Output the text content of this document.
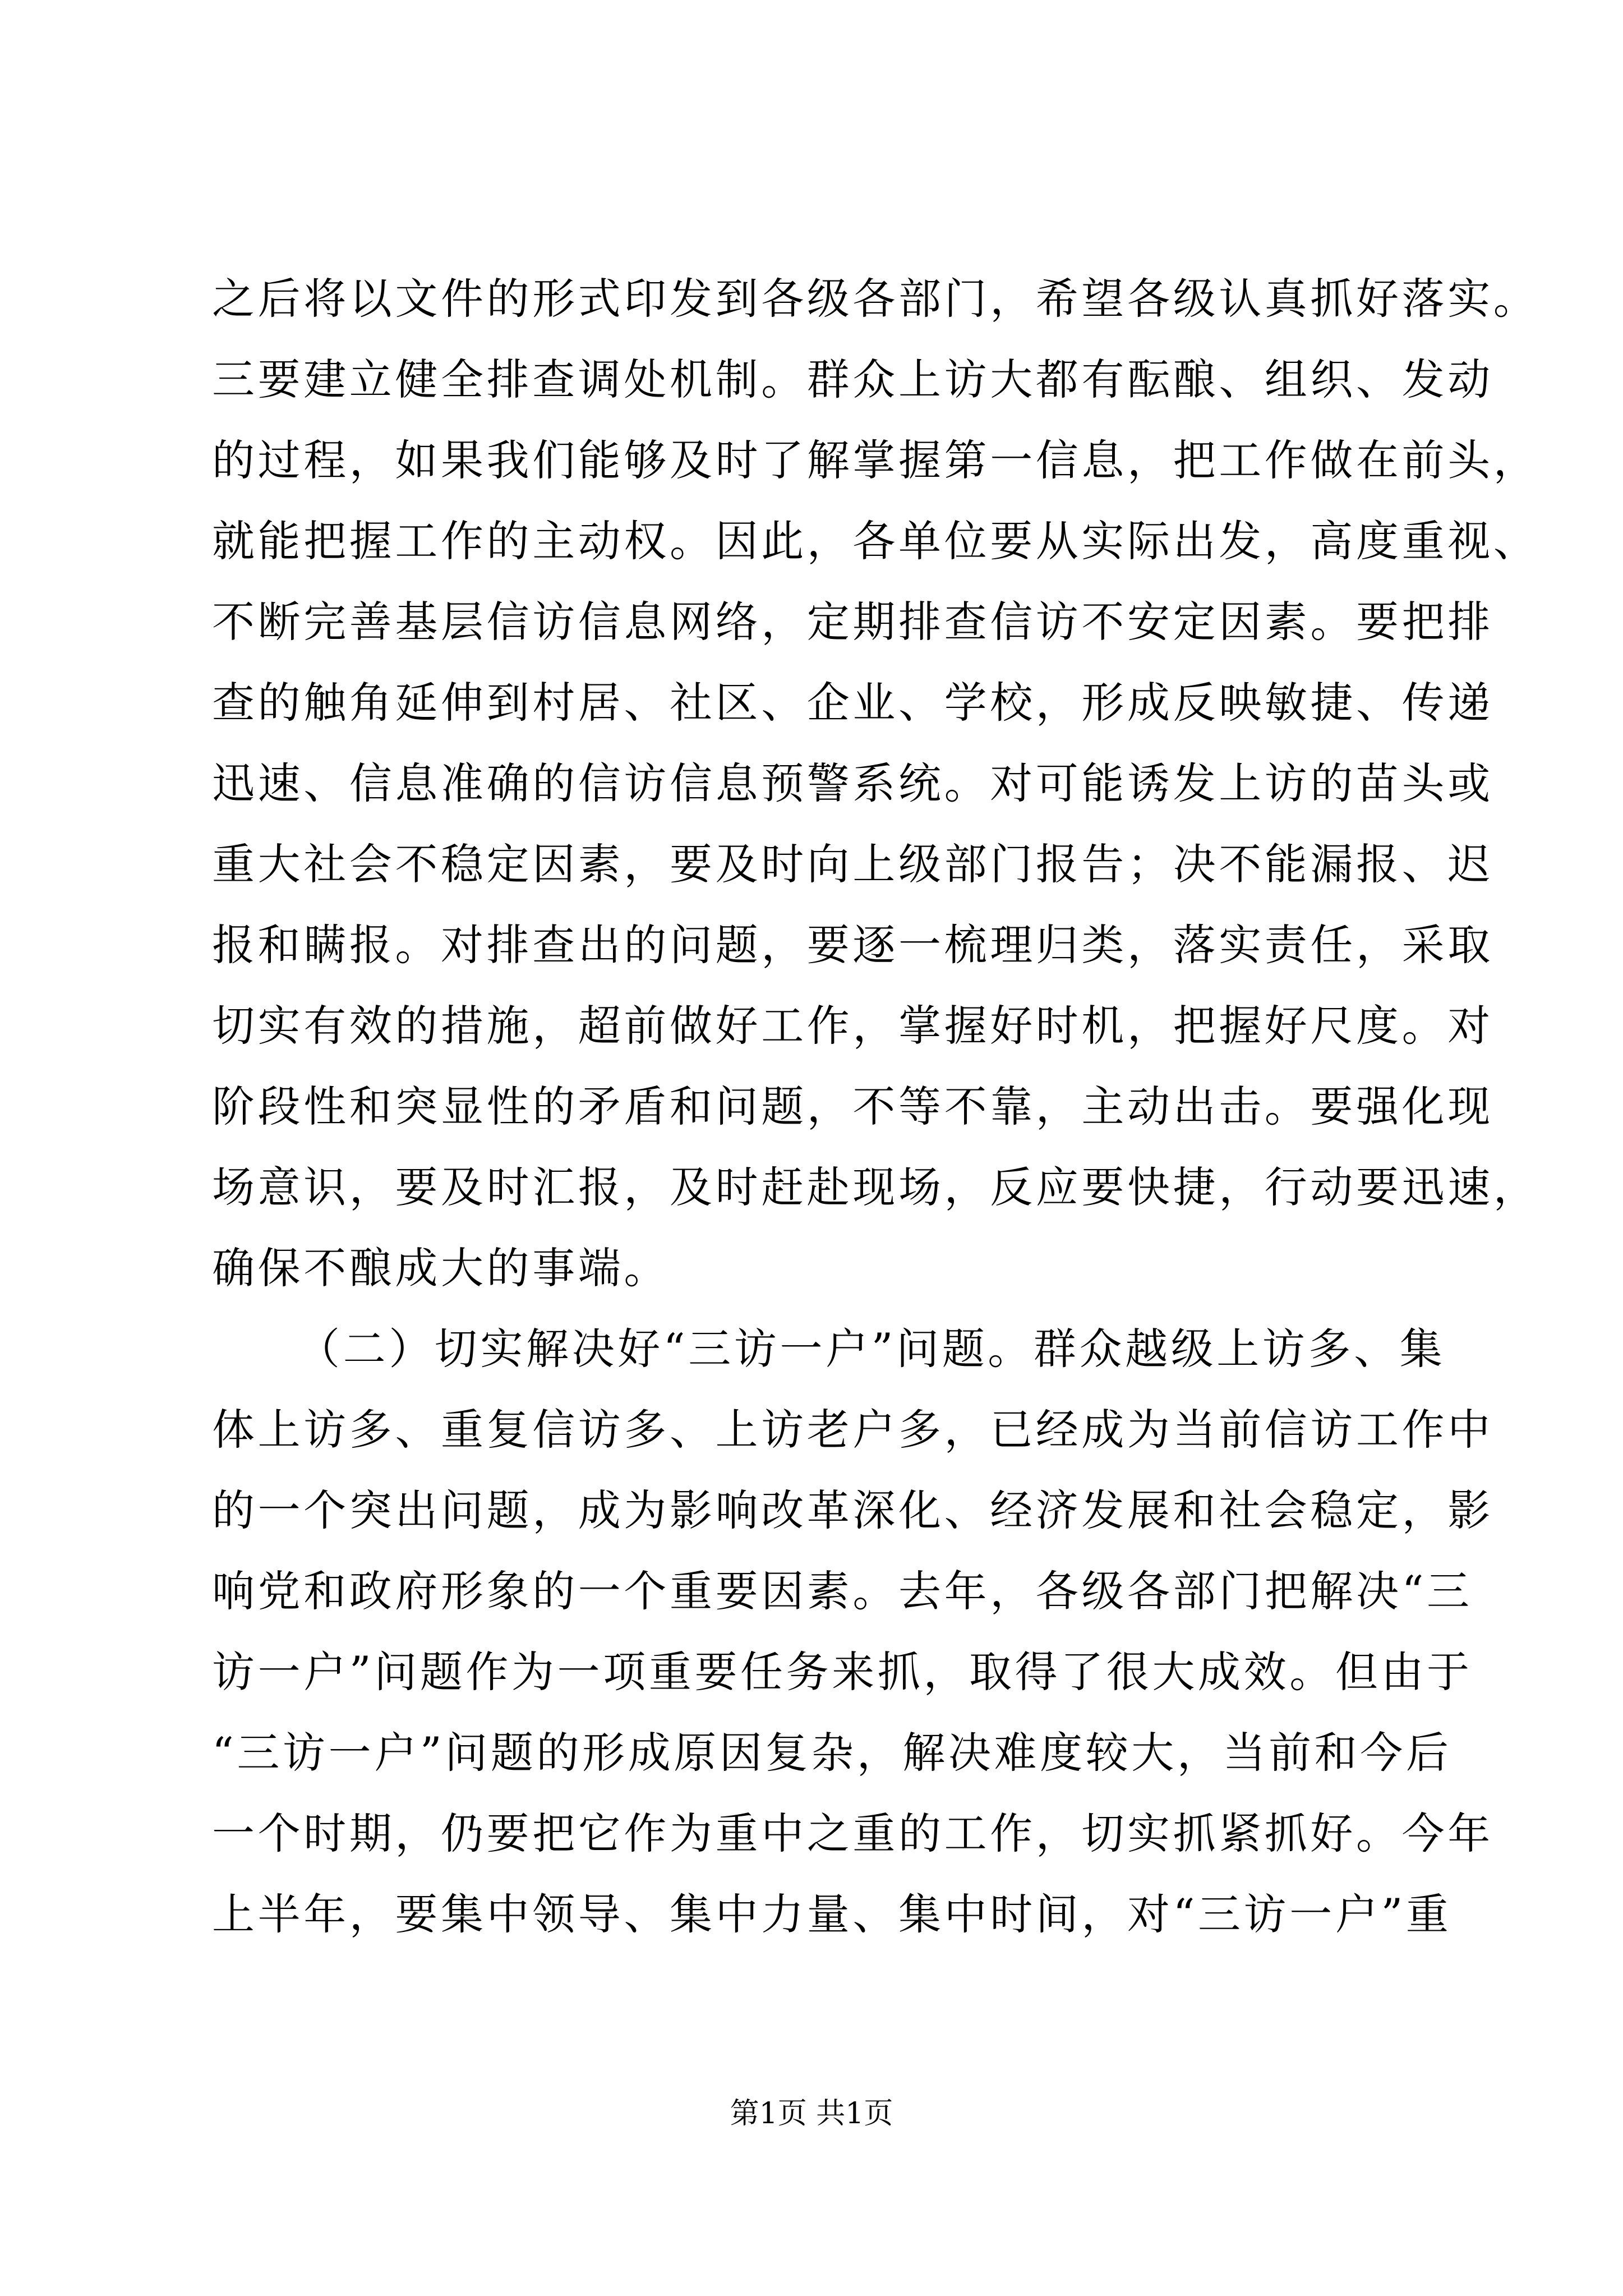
之后将以文件的形式印发到各级各部门，希望各级认真抓好落实。
三要建立健全排查调处机制。群众上访大都有酝酿、组织、发动
的过程，如果我们能够及时了解掌握第一信息，把工作做在前头，
就能把握工作的主动权。因此，各单位要从实际出发，高度重视、
不断完善基层信访信息网络，定期排查信访不安定因素。要把排
查的触角延伸到村居、社区、企业、学校，形成反映敏捷、传递
迅速、信息准确的信访信息预警系统。对可能诱发上访的苗头或
重大社会不稳定因素，要及时向上级部门报告；决不能漏报、迟
报和瞒报。对排查出的问题，要逐一梳理归类，落实责任，采取
切实有效的措施，超前做好工作，掌握好时机，把握好尺度。对
阶段性和突显性的矛盾和问题，不等不靠，主动出击。要强化现
场意识，要及时汇报，及时赶赴现场，反应要快捷，行动要迅速，
确保不酿成大的事端。
（二）切实解决好“三访一户”问题。群众越级上访多、集
体上访多、重复信访多、上访老户多，已经成为当前信访工作中
的一个突出问题，成为影响改革深化、经济发展和社会稳定，影
响党和政府形象的一个重要因素。去年，各级各部门把解决“三
访一户”问题作为一项重要任务来抓，取得了很大成效。但由于
“三访一户”问题的形成原因复杂，解决难度较大，当前和今后
一个时期，仍要把它作为重中之重的工作，切实抓紧抓好。今年
上半年，要集中领导、集中力量、集中时间，对“三访一户”重
第1页 共1页
